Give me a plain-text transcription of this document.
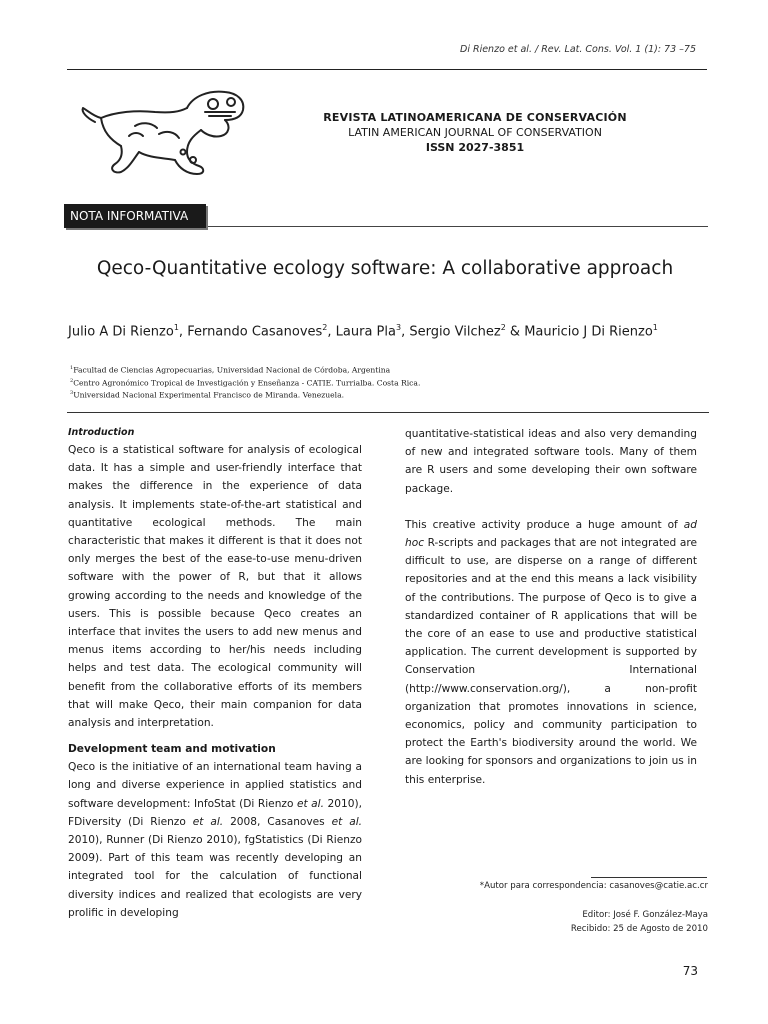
Di Rienzo et al. / Rev. Lat. Cons. Vol. 1 (1): 73 –75
REVISTA LATINOAMERICANA DE CONSERVACIÓN
LATIN AMERICAN JOURNAL OF CONSERVATION
ISSN 2027-3851
NOTA INFORMATIVA
Qeco-Quantitative ecology software: A collaborative approach
Julio A Di Rienzo$^1$, Fernando Casanoves$^2$, Laura Pla$^3$, Sergio Vilchez$^2$ & Mauricio J Di Rienzo$^1$
$^1$Facultad de Ciencias Agropecuarias, Universidad Nacional de Córdoba, Argentina
$^2$Centro Agronómico Tropical de Investigación y Enseñanza - CATIE. Turrialba. Costa Rica.
$^3$Universidad Nacional Experimental Francisco de Miranda. Venezuela.

Introduction

Qeco is a statistical software for analysis of ecological data. It has a simple and user-friendly interface that makes the difference in the experience of data analysis. It implements state-of-the-art statistical and quantitative ecological methods. The main characteristic that makes it different is that it does not only merges the best of the ease-to-use menu-driven software with the power of R, but that it allows growing according to the needs and knowledge of the users. This is possible because Qeco creates an interface that invites the users to add new menus and menus items according to her/his needs including helps and test data. The ecological community will benefit from the collaborative efforts of its members that will make Qeco, their main companion for data analysis and interpretation.

Development team and motivation

Qeco is the initiative of an international team having a long and diverse experience in applied statistics and software development: InfoStat (Di Rienzo et al. 2010), FDiversity (Di Rienzo et al. 2008, Casanoves et al. 2010), Runner (Di Rienzo 2010), fgStatistics (Di Rienzo 2009). Part of this team was recently developing an integrated tool for the calculation of functional diversity indices and realized that ecologists are very prolific in developing

quantitative-statistical ideas and also very demanding of new and integrated software tools. Many of them are R users and some developing their own software package.

This creative activity produce a huge amount of ad hoc R-scripts and packages that are not integrated are difficult to use, are disperse on a range of different repositories and at the end this means a lack visibility of the contributions. The purpose of Qeco is to give a standardized container of R applications that will be the core of an ease to use and productive statistical application. The current development is supported by Conservation International (http://www.conservation.org/), a non-profit organization that promotes innovations in science, economics, policy and community participation to protect the Earth's biodiversity around the world. We are looking for sponsors and organizations to join us in this enterprise.

*Autor para correspondencia: casanoves@catie.ac.cr
Editor: José F. González-Maya
Recibido: 25 de Agosto de 2010
73
